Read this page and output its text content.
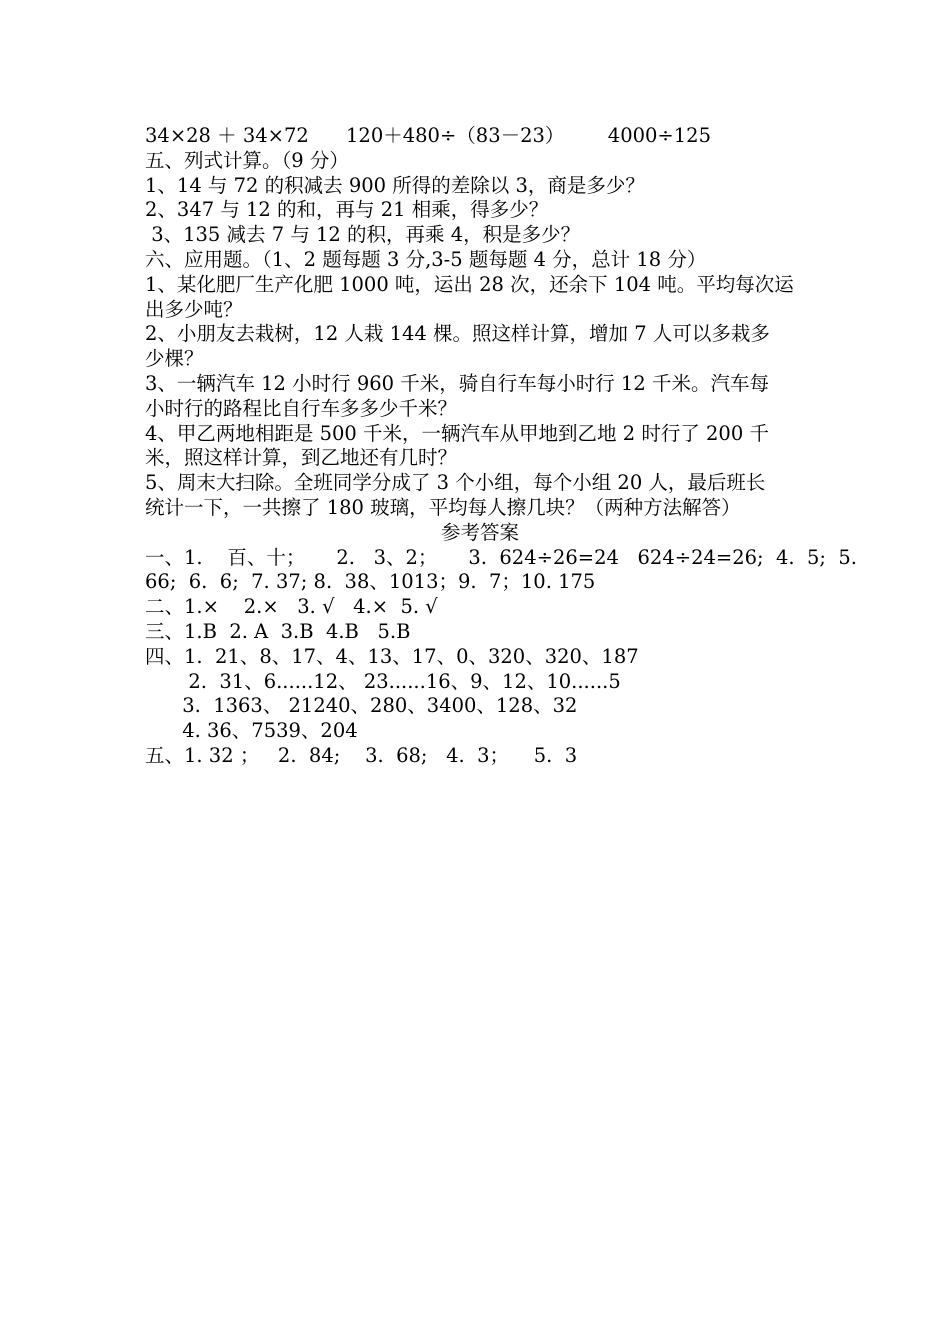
34×28 ＋ 34×72      120＋480÷（83－23）       4000÷125
五、列式计算。（9 分）
1、14 与 72 的积减去 900 所得的差除以 3，商是多少？
2、347 与 12 的和，再与 21 相乘，得多少？
3、135 减去 7 与 12 的积，再乘 4，积是多少？
六、应用题。（1、2 题每题 3 分,3-5 题每题 4 分，总计 18 分）
1、某化肥厂生产化肥 1000 吨，运出 28 次，还余下 104 吨。平均每次运
出多少吨？
2、小朋友去栽树，12 人栽 144 棵。照这样计算，增加 7 人可以多栽多
少棵？
3、一辆汽车 12 小时行 960 千米，骑自行车每小时行 12 千米。汽车每
小时行的路程比自行车多多少千米？
4、甲乙两地相距是 500 千米，一辆汽车从甲地到乙地 2 时行了 200 千
米，照这样计算，到乙地还有几时？
5、周末大扫除。全班同学分成了 3 个小组，每个小组 20 人，最后班长
统计一下，一共擦了 180 玻璃，平均每人擦几块？（两种方法解答）
参考答案
一、1.    百、十；     2.   3、2；     3.  624÷26=24   624÷24=26;  4.  5;  5.
66;  6.  6;  7. 37; 8.  38、1013；9.  7；10. 175
二、1.×    2.×   3. √   4.×  5. √
三、1.B  2. A  3.B  4.B   5.B
四、1.  21、8、17、4、13、17、0、320、320、187
2.  31、6......12、 23......16、9、12、10......5
3.  1363、 21240、280、3400、128、32
4. 36、7539、204
五、1. 32 ；   2.  84;    3.  68;   4.  3；    5.  3
